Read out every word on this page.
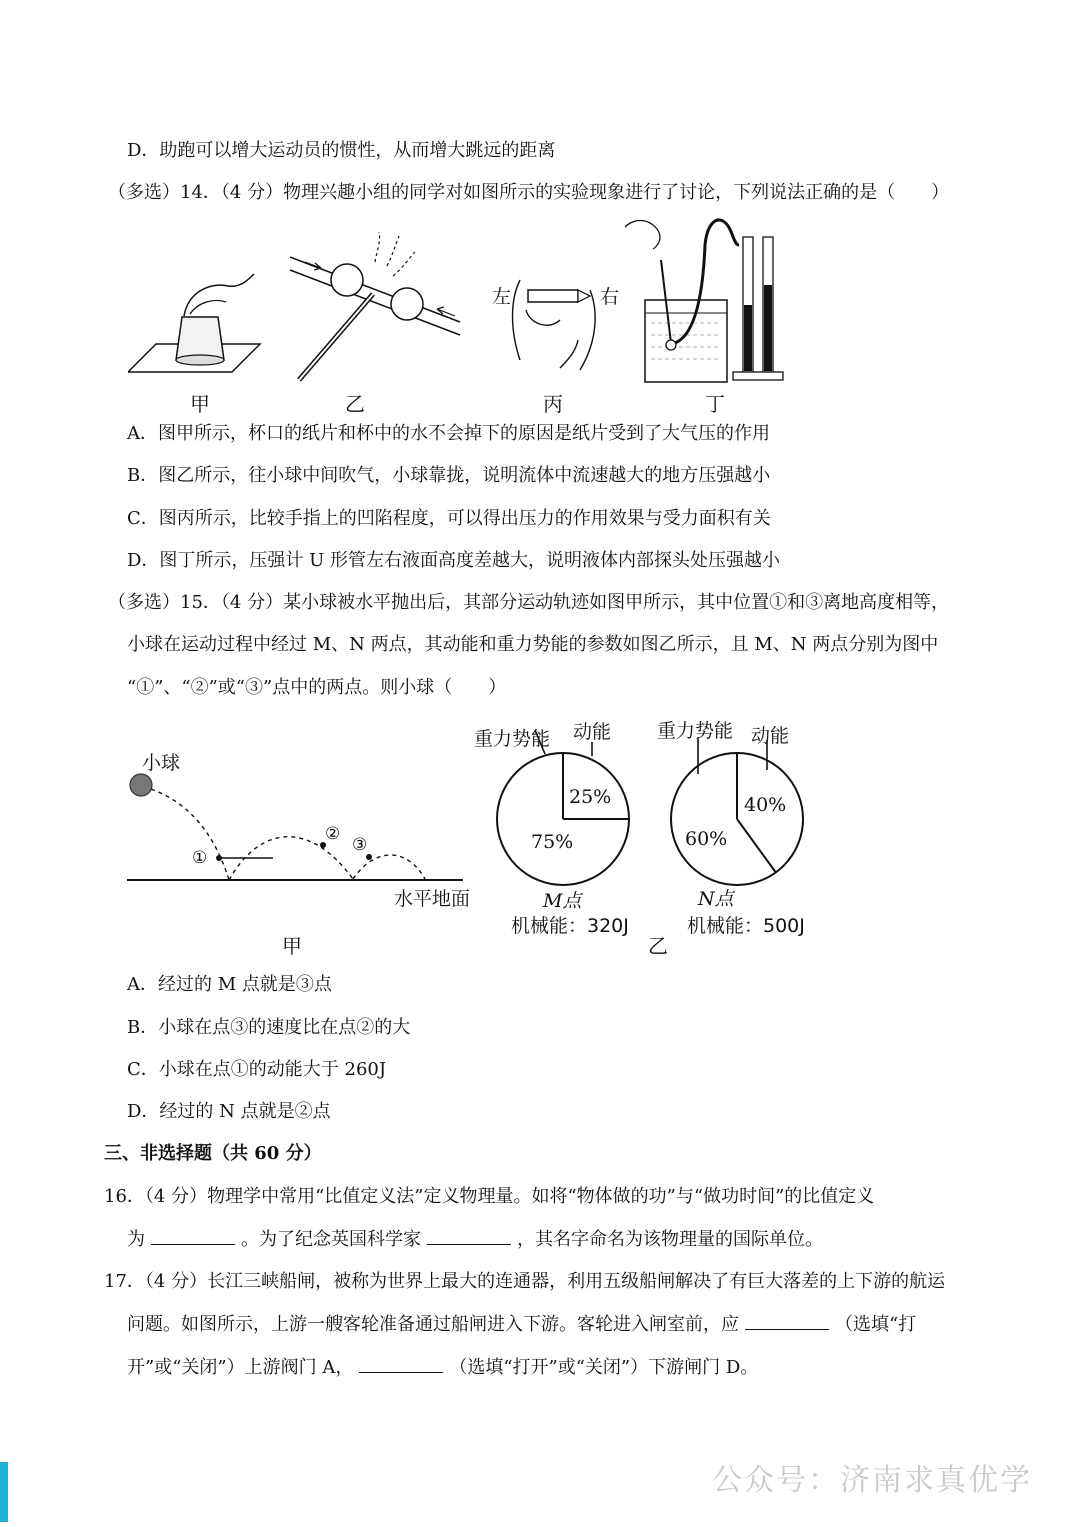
D．助跑可以增大运动员的惯性，从而增大跳远的距离
（多选）14．（4 分）物理兴趣小组的同学对如图所示的实验现象进行了讨论，下列说法正确的是（　　）
甲	乙
左	右
丙	丁
A．图甲所示，杯口的纸片和杯中的水不会掉下的原因是纸片受到了大气压的作用
B．图乙所示，往小球中间吹气，小球靠拢，说明流体中流速越大的地方压强越小
C．图丙所示，比较手指上的凹陷程度，可以得出压力的作用效果与受力面积有关
D．图丁所示，压强计 U 形管左右液面高度差越大，说明液体内部探头处压强越小
（多选）15．（4 分）某小球被水平抛出后，其部分运动轨迹如图甲所示，其中位置①和③离地高度相等，
小球在运动过程中经过 M、N 两点，其动能和重力势能的参数如图乙所示，且 M、N 两点分别为图中
“①”、“②”或“③”点中的两点。则小球（　　）
小球
①
②
③
水平地面
甲
重力势能 动能
25%
75%
M点
机械能：320J
重力势能 动能
40%
60%
N点
机械能：500J
乙
A．经过的 M 点就是③点
B．小球在点③的速度比在点②的大
C．小球在点①的动能大于 260J
D．经过的 N 点就是②点
三、非选择题（共 60 分）
16．（4 分）物理学中常用“比值定义法”定义物理量。如将“物体做的功”与“做功时间”的比值定义
为	。为了纪念英国科学家	，其名字命名为该物理量的国际单位。
17．（4 分）长江三峡船闸，被称为世界上最大的连通器，利用五级船闸解决了有巨大落差的上下游的航运
问题。如图所示，上游一艘客轮准备通过船闸进入下游。客轮进入闸室前，应	（选填“打
开”或“关闭”）上游阀门 A，	（选填“打开”或“关闭”）下游闸门 D。
公众号：济南求真优学
